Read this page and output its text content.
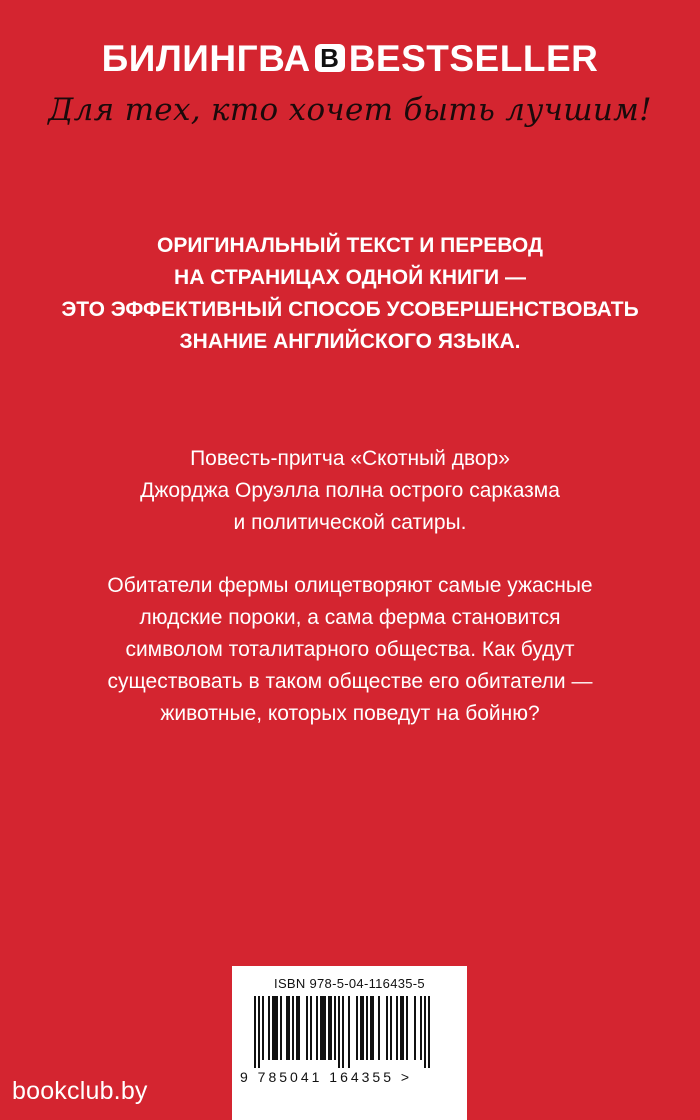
БИЛИНГВА B BESTSELLER
Для тех, кто хочет быть лучшим!
ОРИГИНАЛЬНЫЙ ТЕКСТ И ПЕРЕВОД
НА СТРАНИЦАХ ОДНОЙ КНИГИ —
ЭТО ЭФФЕКТИВНЫЙ СПОСОБ УСОВЕРШЕНСТВОВАТЬ
ЗНАНИЕ АНГЛИЙСКОГО ЯЗЫКА.
Повесть-притча «Скотный двор»
Джорджа Оруэлла полна острого сарказма
и политической сатиры.
Обитатели фермы олицетворяют самые ужасные
людские пороки, а сама ферма становится
символом тоталитарного общества. Как будут
существовать в таком обществе его обитатели —
животные, которых поведут на бойню?
ISBN 978-5-04-116435-5
9 785041 164355 >
bookclub.by
